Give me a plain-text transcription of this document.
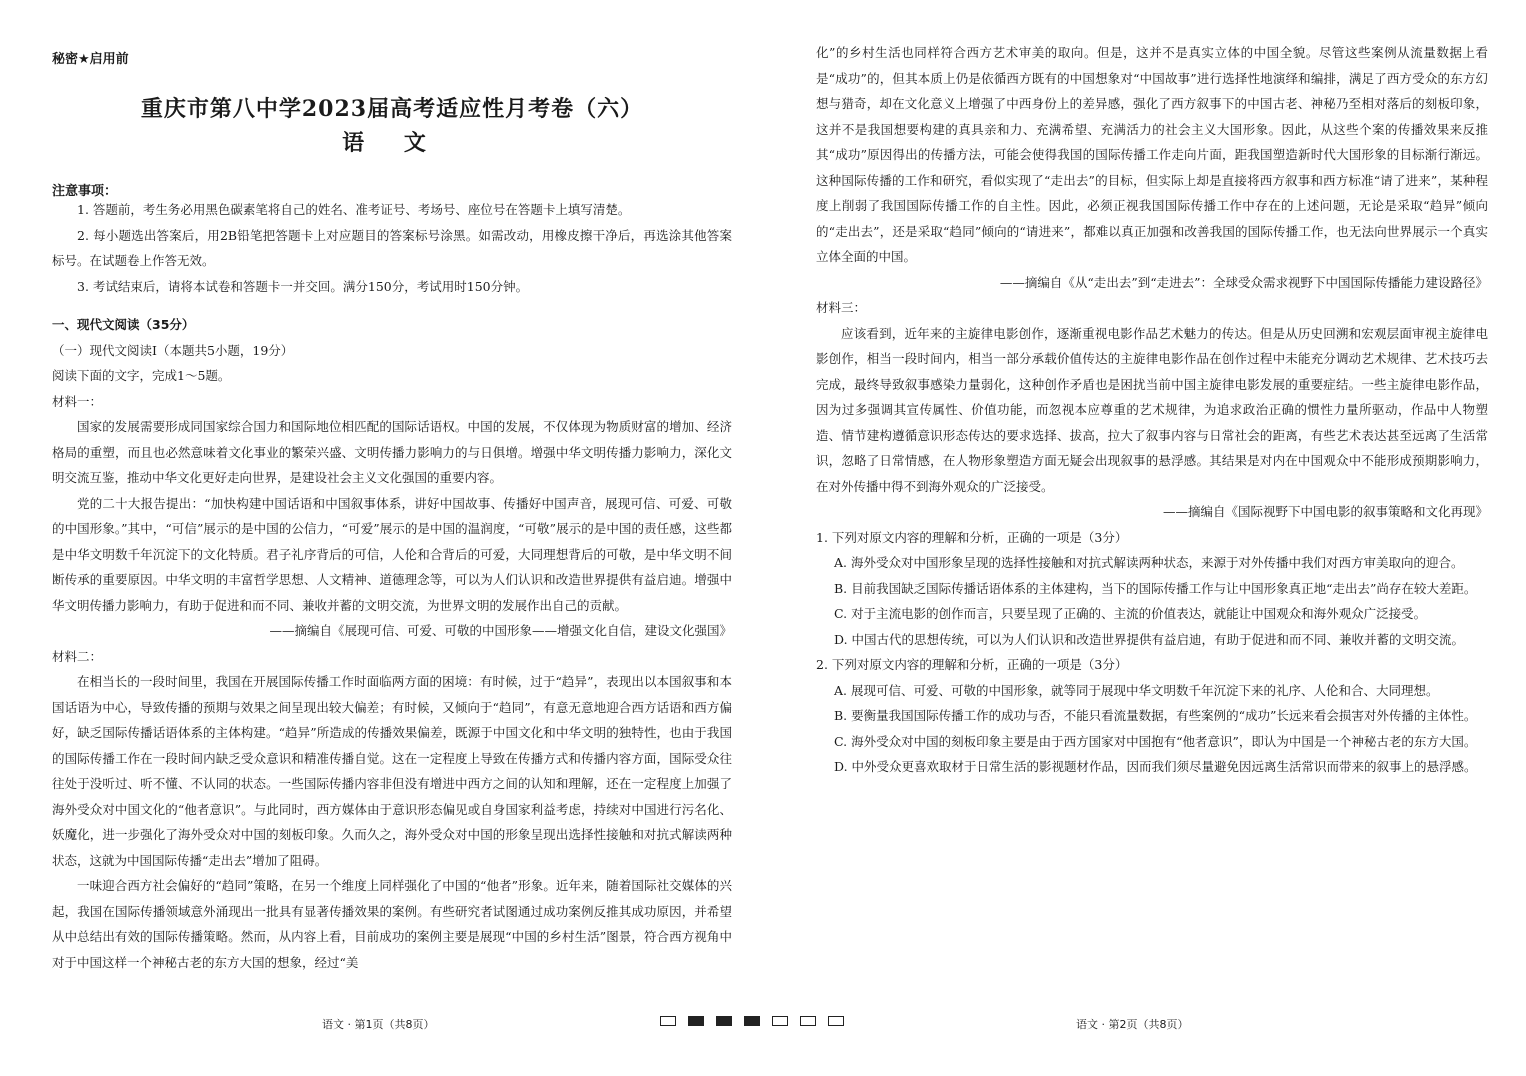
秘密★启用前
重庆市第八中学2023届高考适应性月考卷（六）
语 文
注意事项：
1. 答题前，考生务必用黑色碳素笔将自己的姓名、准考证号、考场号、座位号在答题卡上填写清楚。
2. 每小题选出答案后，用2B铅笔把答题卡上对应题目的答案标号涂黑。如需改动，用橡皮擦干净后，再选涂其他答案标号。在试题卷上作答无效。
3. 考试结束后，请将本试卷和答题卡一并交回。满分150分，考试用时150分钟。
一、现代文阅读（35分）
（一）现代文阅读Ⅰ（本题共5小题，19分）
阅读下面的文字，完成1～5题。
材料一：
国家的发展需要形成同国家综合国力和国际地位相匹配的国际话语权。中国的发展，不仅体现为物质财富的增加、经济格局的重塑，而且也必然意味着文化事业的繁荣兴盛、文明传播力影响力的与日俱增。增强中华文明传播力影响力，深化文明交流互鉴，推动中华文化更好走向世界，是建设社会主义文化强国的重要内容。
党的二十大报告提出：“加快构建中国话语和中国叙事体系，讲好中国故事、传播好中国声音，展现可信、可爱、可敬的中国形象。”其中，“可信”展示的是中国的公信力，“可爱”展示的是中国的温润度，“可敬”展示的是中国的责任感，这些都是中华文明数千年沉淀下的文化特质。君子礼序背后的可信，人伦和合背后的可爱，大同理想背后的可敬，是中华文明不间断传承的重要原因。中华文明的丰富哲学思想、人文精神、道德理念等，可以为人们认识和改造世界提供有益启迪。增强中华文明传播力影响力，有助于促进和而不同、兼收并蓄的文明交流，为世界文明的发展作出自己的贡献。
——摘编自《展现可信、可爱、可敬的中国形象——增强文化自信，建设文化强国》
材料二：
在相当长的一段时间里，我国在开展国际传播工作时面临两方面的困境：有时候，过于“趋异”，表现出以本国叙事和本国话语为中心，导致传播的预期与效果之间呈现出较大偏差；有时候，又倾向于“趋同”，有意无意地迎合西方话语和西方偏好，缺乏国际传播话语体系的主体构建。“趋异”所造成的传播效果偏差，既源于中国文化和中华文明的独特性，也由于我国的国际传播工作在一段时间内缺乏受众意识和精准传播自觉。这在一定程度上导致在传播方式和传播内容方面，国际受众往往处于没听过、听不懂、不认同的状态。一些国际传播内容非但没有增进中西方之间的认知和理解，还在一定程度上加强了海外受众对中国文化的“他者意识”。与此同时，西方媒体由于意识形态偏见或自身国家利益考虑，持续对中国进行污名化、妖魔化，进一步强化了海外受众对中国的刻板印象。久而久之，海外受众对中国的形象呈现出选择性接触和对抗式解读两种状态，这就为中国国际传播“走出去”增加了阻碍。
一味迎合西方社会偏好的“趋同”策略，在另一个维度上同样强化了中国的“他者”形象。近年来，随着国际社交媒体的兴起，我国在国际传播领域意外涌现出一批具有显著传播效果的案例。有些研究者试图通过成功案例反推其成功原因，并希望从中总结出有效的国际传播策略。然而，从内容上看，目前成功的案例主要是展现“中国的乡村生活”图景，符合西方视角中对于中国这样一个神秘古老的东方大国的想象，经过“美
语文 · 第1页（共8页）
化”的乡村生活也同样符合西方艺术审美的取向。但是，这并不是真实立体的中国全貌。尽管这些案例从流量数据上看是“成功”的，但其本质上仍是依循西方既有的中国想象对“中国故事”进行选择性地演绎和编排，满足了西方受众的东方幻想与猎奇，却在文化意义上增强了中西身份上的差异感，强化了西方叙事下的中国古老、神秘乃至相对落后的刻板印象，这并不是我国想要构建的真具亲和力、充满希望、充满活力的社会主义大国形象。因此，从这些个案的传播效果来反推其“成功”原因得出的传播方法，可能会使得我国的国际传播工作走向片面，距我国塑造新时代大国形象的目标渐行渐远。这种国际传播的工作和研究，看似实现了“走出去”的目标，但实际上却是直接将西方叙事和西方标准“请了进来”，某种程度上削弱了我国国际传播工作的自主性。因此，必须正视我国国际传播工作中存在的上述问题，无论是采取“趋异”倾向的“走出去”，还是采取“趋同”倾向的“请进来”，都难以真正加强和改善我国的国际传播工作，也无法向世界展示一个真实立体全面的中国。
——摘编自《从“走出去”到“走进去”：全球受众需求视野下中国国际传播能力建设路径》
材料三：
应该看到，近年来的主旋律电影创作，逐渐重视电影作品艺术魅力的传达。但是从历史回溯和宏观层面审视主旋律电影创作，相当一段时间内，相当一部分承载价值传达的主旋律电影作品在创作过程中未能充分调动艺术规律、艺术技巧去完成，最终导致叙事感染力量弱化，这种创作矛盾也是困扰当前中国主旋律电影发展的重要症结。一些主旋律电影作品，因为过多强调其宣传属性、价值功能，而忽视本应尊重的艺术规律，为追求政治正确的惯性力量所驱动，作品中人物塑造、情节建构遵循意识形态传达的要求选择、拔高，拉大了叙事内容与日常社会的距离，有些艺术表达甚至远离了生活常识，忽略了日常情感，在人物形象塑造方面无疑会出现叙事的悬浮感。其结果是对内在中国观众中不能形成预期影响力，在对外传播中得不到海外观众的广泛接受。
——摘编自《国际视野下中国电影的叙事策略和文化再现》
1. 下列对原文内容的理解和分析，正确的一项是（3分）
A. 海外受众对中国形象呈现的选择性接触和对抗式解读两种状态，来源于对外传播中我们对西方审美取向的迎合。
B. 目前我国缺乏国际传播话语体系的主体建构，当下的国际传播工作与让中国形象真正地“走出去”尚存在较大差距。
C. 对于主流电影的创作而言，只要呈现了正确的、主流的价值表达，就能让中国观众和海外观众广泛接受。
D. 中国古代的思想传统，可以为人们认识和改造世界提供有益启迪，有助于促进和而不同、兼收并蓄的文明交流。
2. 下列对原文内容的理解和分析，正确的一项是（3分）
A. 展现可信、可爱、可敬的中国形象，就等同于展现中华文明数千年沉淀下来的礼序、人伦和合、大同理想。
B. 要衡量我国国际传播工作的成功与否，不能只看流量数据，有些案例的“成功”长远来看会损害对外传播的主体性。
C. 海外受众对中国的刻板印象主要是由于西方国家对中国抱有“他者意识”，即认为中国是一个神秘古老的东方大国。
D. 中外受众更喜欢取材于日常生活的影视题材作品，因而我们须尽量避免因远离生活常识而带来的叙事上的悬浮感。
语文 · 第2页（共8页）
